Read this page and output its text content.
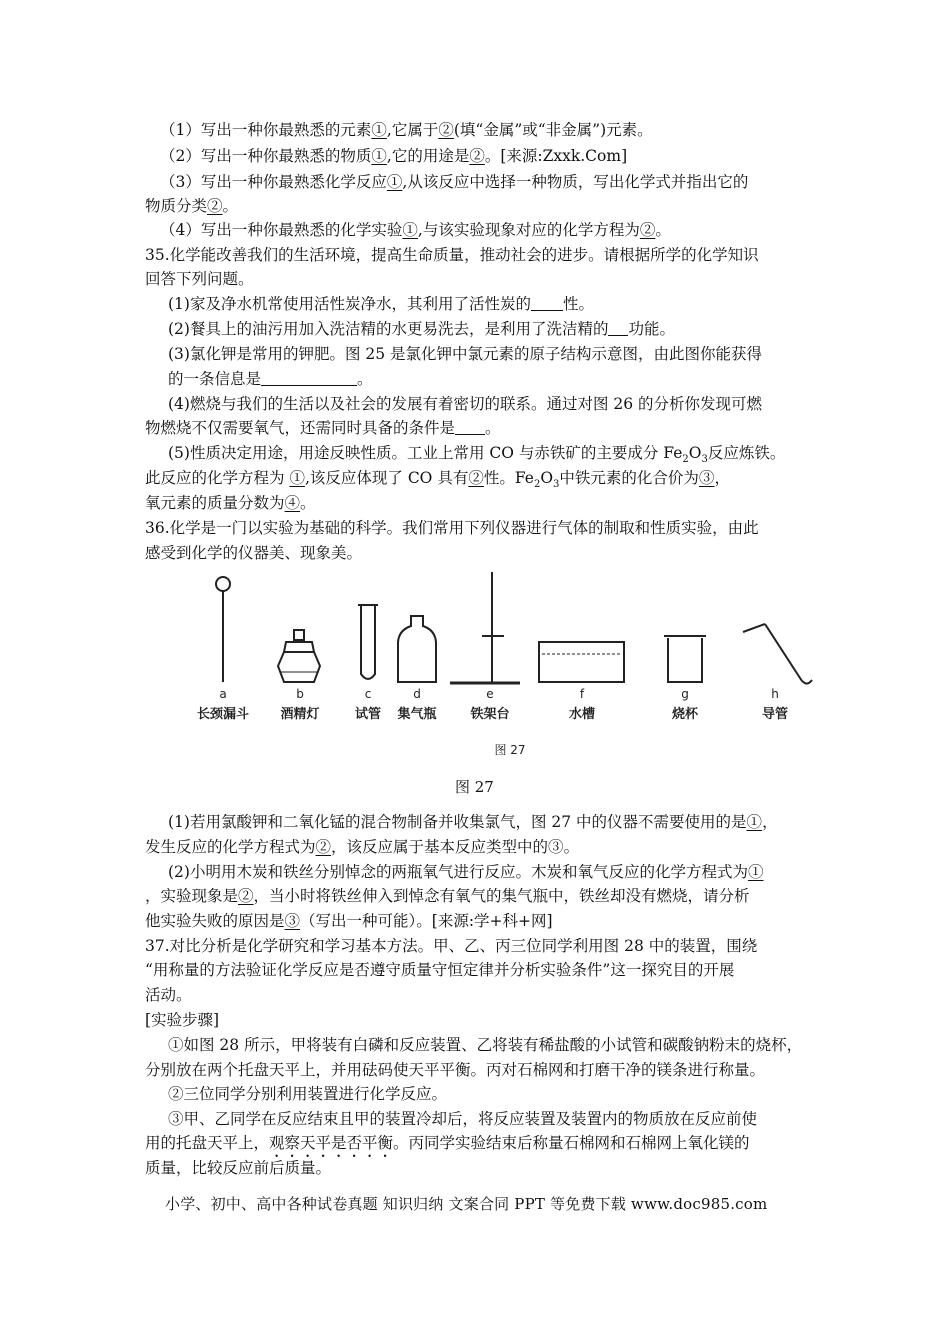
（1）写出一种你最熟悉的元素①,它属于②(填“金属”或“非金属”)元素。
（2）写出一种你最熟悉的物质①,它的用途是②。[来源:Zxxk.Com]
（3）写出一种你最熟悉化学反应①,从该反应中选择一种物质，写出化学式并指出它的
物质分类②。
（4）写出一种你最熟悉的化学实验①,与该实验现象对应的化学方程为②。
35.化学能改善我们的生活环境，提高生命质量，推动社会的进步。请根据所学的化学知识
回答下列问题。
(1)家及净水机常使用活性炭净水，其利用了活性炭的 性。
(2)餐具上的油污用加入洗洁精的水更易洗去，是利用了洗洁精的 功能。
(3)氯化钾是常用的钾肥。图 25 是氯化钾中氯元素的原子结构示意图，由此图你能获得
的一条信息是	。
(4)燃烧与我们的生活以及社会的发展有着密切的联系。通过对图 26 的分析你发现可燃
物燃烧不仅需要氧气，还需同时具备的条件是 。
(5)性质决定用途，用途反映性质。工业上常用 CO 与赤铁矿的主要成分 $Fe_2O_3$反应炼铁。
此反应的化学方程为 ①,该反应体现了 CO 具有②性。$Fe_2O_3$中铁元素的化合价为③，
氧元素的质量分数为④。
36.化学是一门以实验为基础的科学。我们常用下列仪器进行气体的制取和性质实验，由此
感受到化学的仪器美、现象美。
a
长颈漏斗
b
酒精灯
c
试管
d
集气瓶
e
铁架台
f
水槽
g
烧杯
h
导管
图 27
图 27
(1)若用氯酸钾和二氧化锰的混合物制备并收集氯气，图 27 中的仪器不需要使用的是①，
发生反应的化学方程式为②，该反应属于基本反应类型中的③。
(2)小明用木炭和铁丝分别悼念的两瓶氧气进行反应。木炭和氧气反应的化学方程式为①
，实验现象是②，当小时将铁丝伸入到悼念有氧气的集气瓶中，铁丝却没有燃烧，请分析
他实验失败的原因是③（写出一种可能）。[来源:学+科+网]
37.对比分析是化学研究和学习基本方法。甲、乙、丙三位同学利用图 28 中的装置，围绕
“用称量的方法验证化学反应是否遵守质量守恒定律并分析实验条件”这一探究目的开展
活动。
[实验步骤]
①如图 28 所示，甲将装有白磷和反应装置、乙将装有稀盐酸的小试管和碳酸钠粉末的烧杯，
分别放在两个托盘天平上，并用砝码使天平平衡。丙对石棉网和打磨干净的镁条进行称量。
②三位同学分别利用装置进行化学反应。
③甲、乙同学在反应结束且甲的装置冷却后，将反应装置及装置内的物质放在反应前使
用的托盘天平上，观察天平是否平衡。丙同学实验结束后称量石棉网和石棉网上氧化镁的
质量，比较反应前后质量。
小学、初中、高中各种试卷真题 知识归纳 文案合同 PPT 等免费下载 www.doc985.com
